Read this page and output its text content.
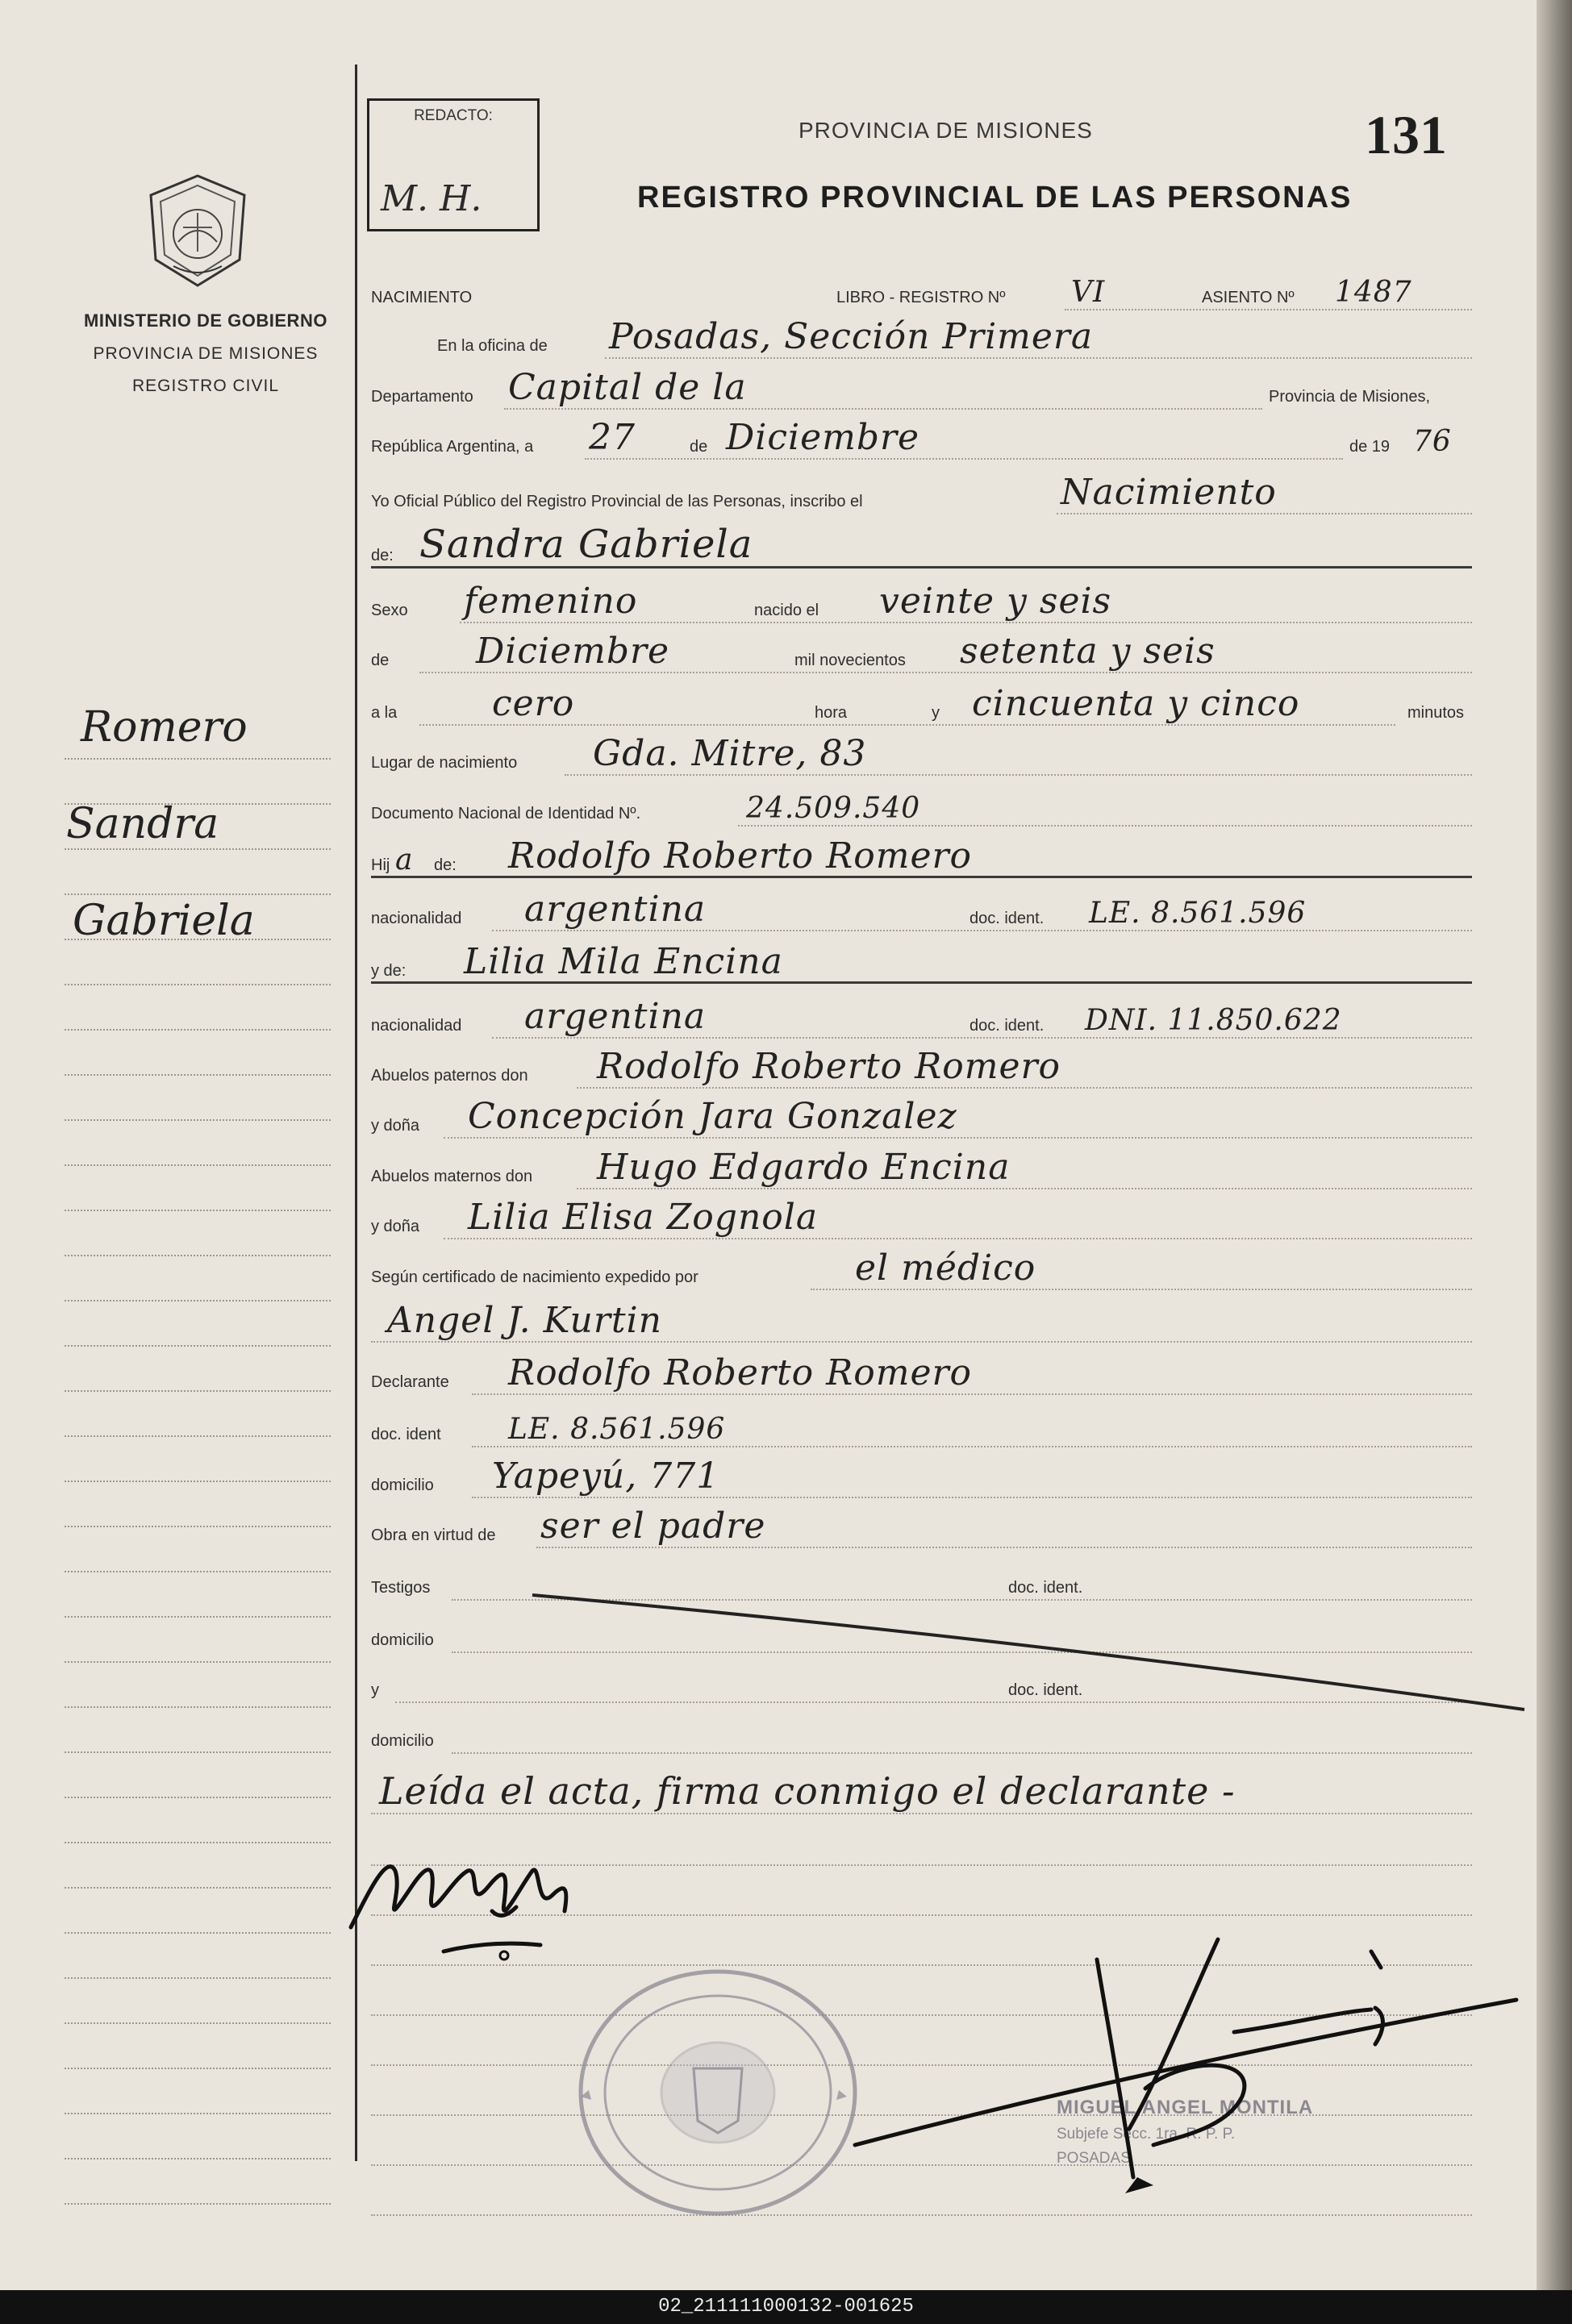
MINISTERIO DE GOBIERNO
PROVINCIA DE MISIONES
REGISTRO CIVIL
Romero
Sandra
Gabriela
REDACTO:
M. H.
PROVINCIA DE MISIONES	131
REGISTRO PROVINCIAL DE LAS PERSONAS
NACIMIENTO	LIBRO - REGISTRO Nº VI	ASIENTO Nº 1487
En la oficina de Posadas, Sección Primera
Departamento Capital de la	Provincia de Misiones,
República Argentina, a 27	de Diciembre	de 19 76
Yo Oficial Público del Registro Provincial de las Personas, inscribo el	Nacimiento
de: Sandra Gabriela
Sexo femenino	nacido el veinte y seis
de Diciembre	mil novecientos setenta y seis
a la	cero	hora	y cincuenta y cinco	minutos
Lugar de nacimiento Gda. Mitre, 83
Documento Nacional de Identidad Nº.	24.509.540
Hij a de: Rodolfo Roberto Romero
nacionalidad argentina	doc. ident. LE. 8.561.596
y de: Lilia Mila Encina
nacionalidad argentina	doc. ident. DNI. 11.850.622
Abuelos paternos don Rodolfo Roberto Romero
y doña Concepción Jara Gonzalez
Abuelos maternos don Hugo Edgardo Encina
y doña Lilia Elisa Zognola
Según certificado de nacimiento expedido por	el médico
Angel J. Kurtin
Declarante Rodolfo Roberto Romero
doc. ident LE. 8.561.596
domicilio Yapeyú, 771
Obra en virtud de ser el padre
Testigos	doc. ident.
domicilio
y	doc. ident.
domicilio
Leída el acta, firma conmigo el declarante -
MIGUEL ANGEL MONTILA
Subjefe Secc. 1ra. R. P. P.
POSADAS
02_211111000132-001625
